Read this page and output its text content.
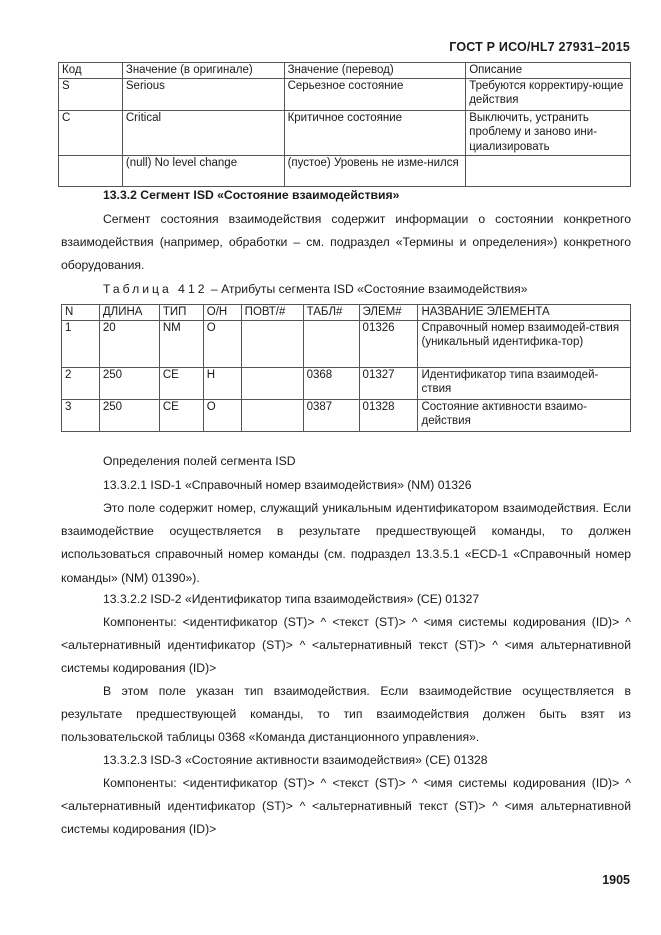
ГОСТ Р ИСО/HL7 27931–2015
Код	Значение (в оригинале)	Значение (перевод)	Описание
S	Serious	Серьезное состояние	Требуются корректиру-ющие действия
C	Critical	Критичное состояние	Выключить, устранить проблему и заново ини-циализировать
	(null) No level change	(пустое) Уровень не изме-нился	

13.3.2 Сегмент ISD «Состояние взаимодействия»

Сегмент состояния взаимодействия содержит информации о состоянии конкретного взаимодействия (например, обработки – см. подраздел «Термины и определения») конкретного оборудования.

Таблица 412 – Атрибуты сегмента ISD «Состояние взаимодействия»

N	ДЛИНА	ТИП	О/Н	ПОВТ/#	ТАБЛ#	ЭЛЕМ#	НАЗВАНИЕ ЭЛЕМЕНТА
1	20	NM	O			01326	Справочный номер взаимодей-ствия (уникальный идентифика-тор)
2	250	CE	H		0368	01327	Идентификатор типа взаимодей-ствия
3	250	CE	O		0387	01328	Состояние активности взаимо-действия

Определения полей сегмента ISD

13.3.2.1 ISD-1 «Справочный номер взаимодействия» (NM) 01326

Это поле содержит номер, служащий уникальным идентификатором взаимодействия. Если взаимодействие осуществляется в результате предшествующей команды, то должен использоваться справочный номер команды (см. подраздел 13.3.5.1 «ECD-1 «Справочный номер команды» (NM) 01390»).

13.3.2.2 ISD-2 «Идентификатор типа взаимодействия» (CE) 01327

Компоненты: <идентификатор (ST)> ^ <текст (ST)> ^ <имя системы кодирования (ID)> ^ <альтернативный идентификатор (ST)> ^ <альтернативный текст (ST)> ^ <имя альтернативной системы кодирования (ID)>

В этом поле указан тип взаимодействия. Если взаимодействие осуществляется в результате предшествующей команды, то тип взаимодействия должен быть взят из пользовательской таблицы 0368 «Команда дистанционного управления».

13.3.2.3 ISD-3 «Состояние активности взаимодействия» (CE) 01328

Компоненты: <идентификатор (ST)> ^ <текст (ST)> ^ <имя системы кодирования (ID)> ^ <альтернативный идентификатор (ST)> ^ <альтернативный текст (ST)> ^ <имя альтернативной системы кодирования (ID)>

1905
